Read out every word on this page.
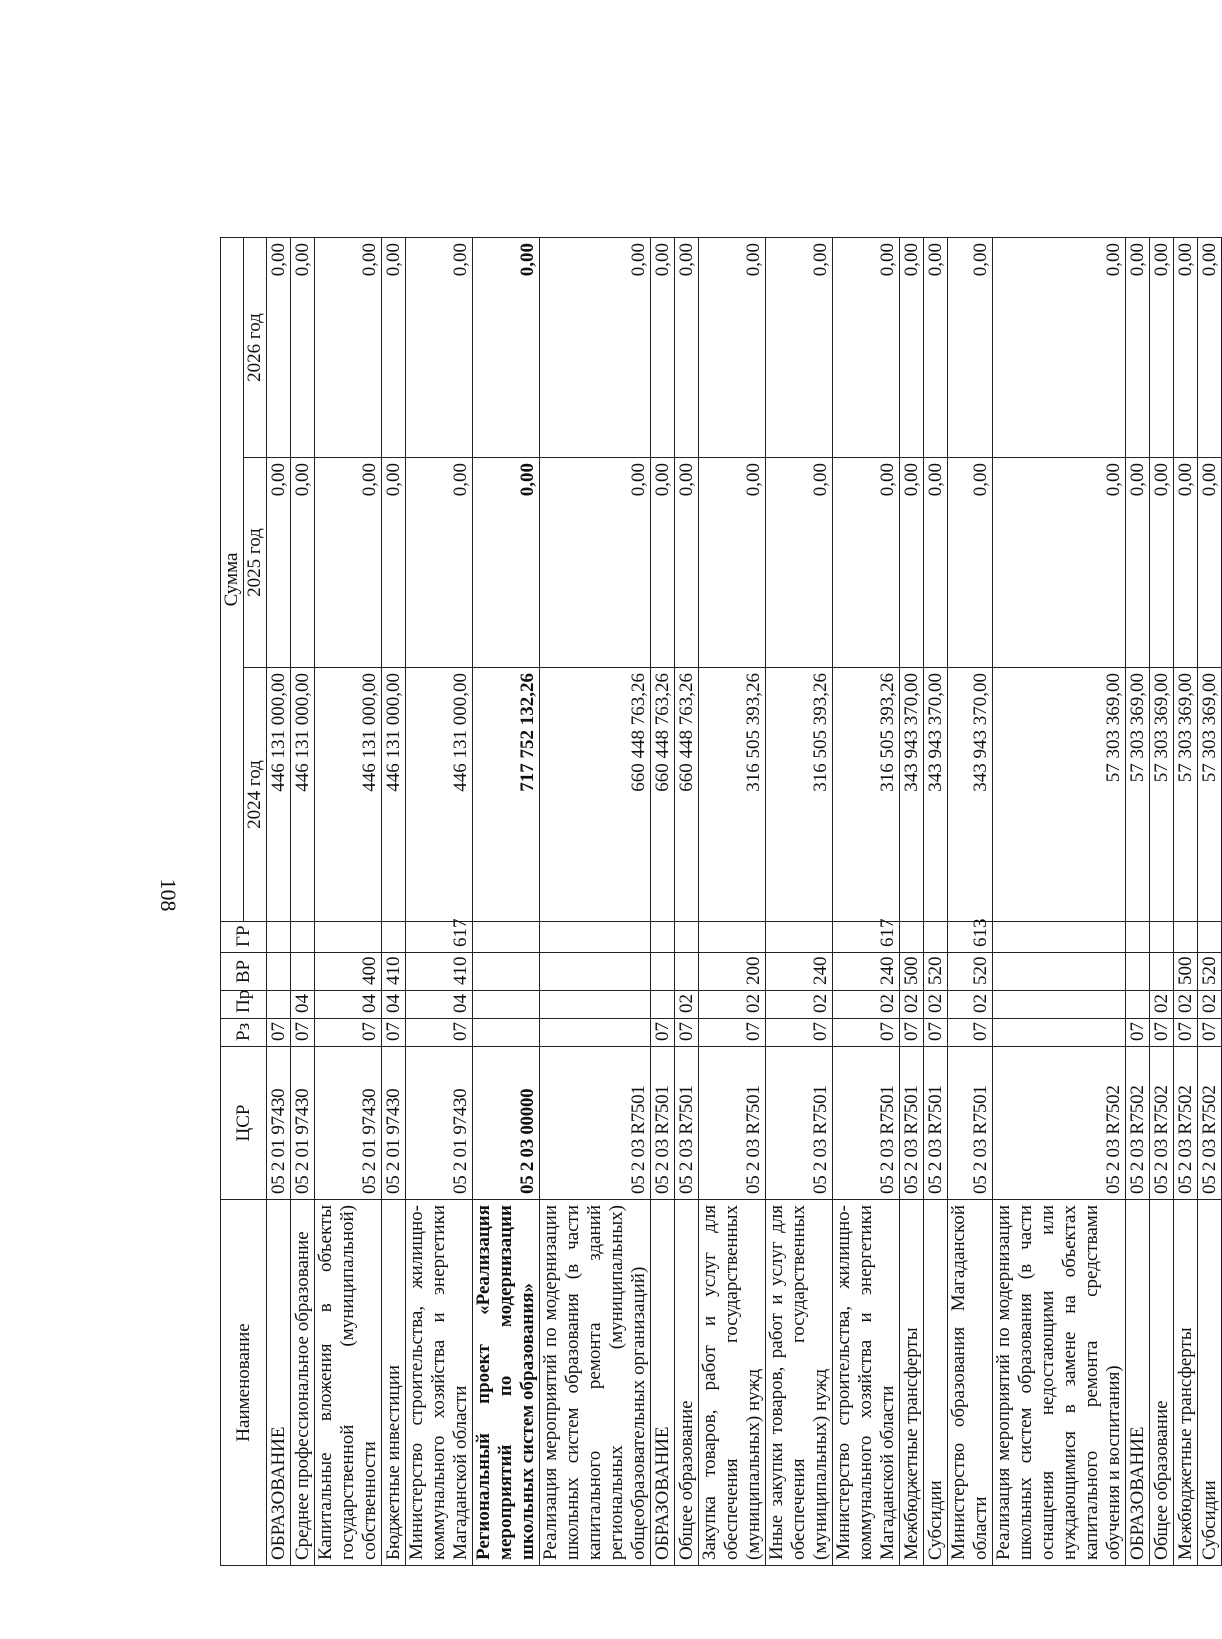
108
Наименование	ЦСР	Рз	Пр	ВР	ГР	Сумма		
						2024 год	2025 год	2026 год
ОБРАЗОВАНИЕ	05 2 01 97430	07				446 131 000,00	0,00	0,00
Среднее профессиональное образование	05 2 01 97430	07	04			446 131 000,00	0,00	0,00
Капитальные вложения в объекты государственной (муниципальной) собственности	05 2 01 97430	07	04	400		446 131 000,00	0,00	0,00
Бюджетные инвестиции	05 2 01 97430	07	04	410		446 131 000,00	0,00	0,00
Министерство строительства, жилищно-коммунального хозяйства и энергетики Магаданской области	05 2 01 97430	07	04	410	617	446 131 000,00	0,00	0,00
Региональный проект «Реализация мероприятий по модернизации школьных систем образования»	05 2 03 00000					717 752 132,26	0,00	0,00
Реализация мероприятий по модернизации школьных систем образования (в части капитального ремонта зданий региональных (муниципальных) общеобразовательных организаций)	05 2 03 R7501					660 448 763,26	0,00	0,00
ОБРАЗОВАНИЕ	05 2 03 R7501	07				660 448 763,26	0,00	0,00
Общее образование	05 2 03 R7501	07	02			660 448 763,26	0,00	0,00
Закупка товаров, работ и услуг для обеспечения государственных (муниципальных) нужд	05 2 03 R7501	07	02	200		316 505 393,26	0,00	0,00
Иные закупки товаров, работ и услуг для обеспечения государственных (муниципальных) нужд	05 2 03 R7501	07	02	240		316 505 393,26	0,00	0,00
Министерство строительства, жилищно-коммунального хозяйства и энергетики Магаданской области	05 2 03 R7501	07	02	240	617	316 505 393,26	0,00	0,00
Межбюджетные трансферты	05 2 03 R7501	07	02	500		343 943 370,00	0,00	0,00
Субсидии	05 2 03 R7501	07	02	520		343 943 370,00	0,00	0,00
Министерство образования Магаданской области	05 2 03 R7501	07	02	520	613	343 943 370,00	0,00	0,00
Реализация мероприятий по модернизации школьных систем образования (в части оснащения недостающими или нуждающимися в замене на объектах капитального ремонта средствами обучения и воспитания)	05 2 03 R7502					57 303 369,00	0,00	0,00
ОБРАЗОВАНИЕ	05 2 03 R7502	07				57 303 369,00	0,00	0,00
Общее образование	05 2 03 R7502	07	02			57 303 369,00	0,00	0,00
Межбюджетные трансферты	05 2 03 R7502	07	02	500		57 303 369,00	0,00	0,00
Субсидии	05 2 03 R7502	07	02	520		57 303 369,00	0,00	0,00
